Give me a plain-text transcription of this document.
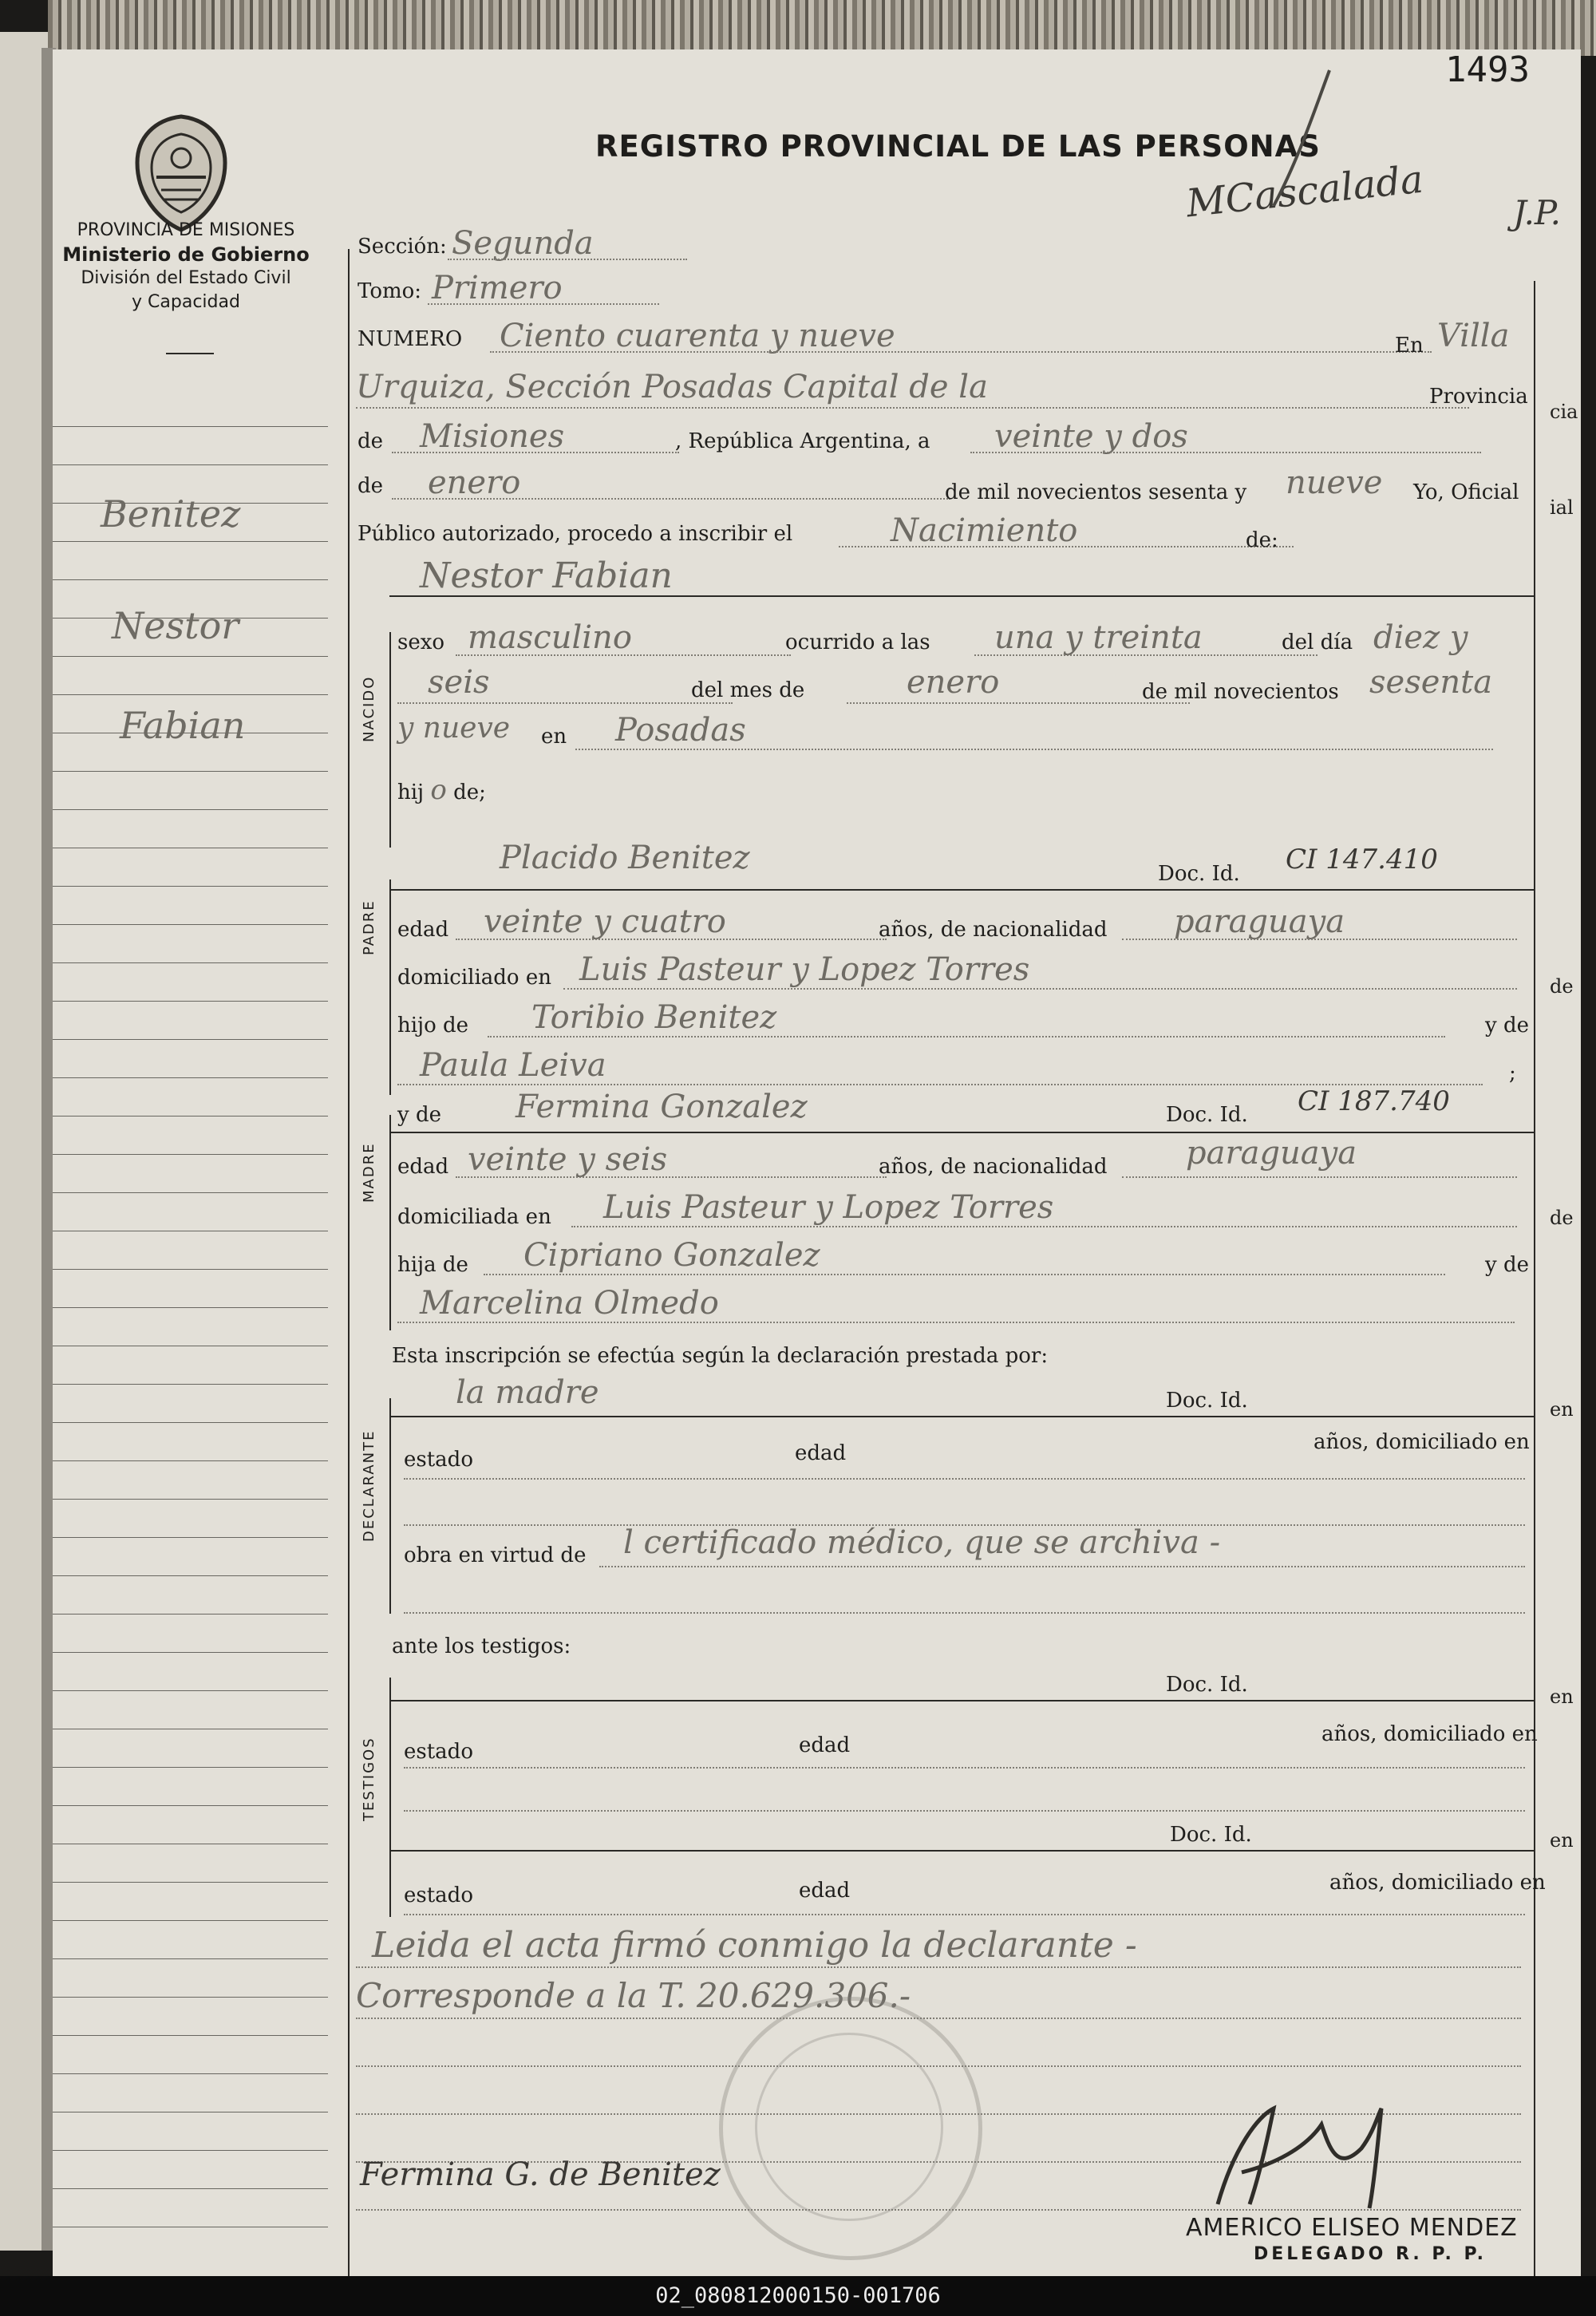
1493
PROVINCIA DE MISIONES
Ministerio de Gobierno
División del Estado Civil
y Capacidad
REGISTRO PROVINCIAL DE LAS PERSONAS
MCascalada	J.P.
Benitez
Nestor
Fabian	NACIDO
PADRE
MADRE
DECLARANTE
TESTIGOS
Sección: Segunda
Tomo: Primero
NUMERO Ciento cuarenta y nueve	En Villa
Urquiza, Sección Posadas Capital de la	Provincia
de Misiones	, República Argentina, a veinte y dos
de enero	de mil novecientos sesenta y nueve Yo, Oficial
Público autorizado, procedo a inscribir el	Nacimiento	de:
Nestor Fabian
sexo masculino	ocurrido a las una y treinta	del día diez y
seis	del mes de	enero	de mil novecientos sesenta
y nueve en Posadas
hij o de;
Placido Benitez	Doc. Id. CI 147.410
edad veinte y cuatro	años, de nacionalidad paraguaya
domiciliado en Luis Pasteur y Lopez Torres
hijo de Toribio Benitez	y de
Paula Leiva	;
y de Fermina Gonzalez	Doc. Id. CI 187.740
edad veinte y seis	años, de nacionalidad paraguaya
domiciliada en Luis Pasteur y Lopez Torres
hija de Cipriano Gonzalez	y de
Marcelina Olmedo
Esta inscripción se efectúa según la declaración prestada por:
la madre	Doc. Id.
estado	edad	años, domiciliado en
obra en virtud de l certificado médico, que se archiva -
ante los testigos:
Doc. Id.
estado	edad	años, domiciliado en
Doc. Id.
estado	edad	años, domiciliado en
Leida el acta firmó conmigo la declarante -
Corresponde a la T. 20.629.306.-
Fermina G. de Benitez
AMERICO ELISEO MENDEZ
DELEGADO R. P. P.
cia
ial
de
de
en
en
en
02_080812000150-001706
